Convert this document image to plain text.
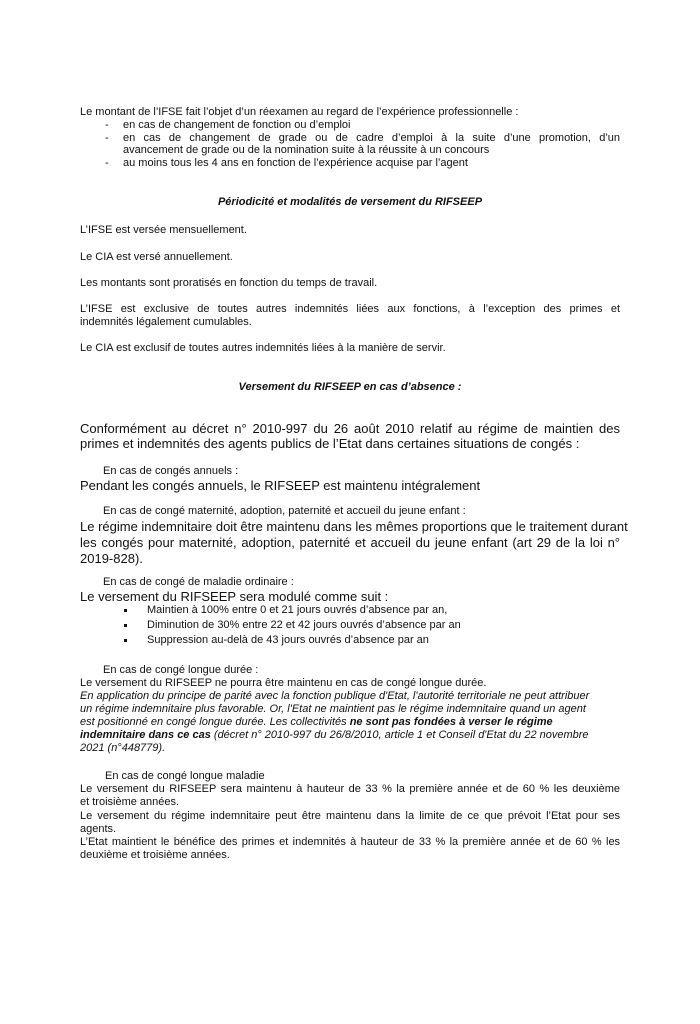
Le montant de l’IFSE fait l’objet d’un réexamen au regard de l’expérience professionnelle :
- en cas de changement de fonction ou d’emploi
- en cas de changement de grade ou de cadre d’emploi à la suite d’une promotion, d’un
avancement de grade ou de la nomination suite à la réussite à un concours
- au moins tous les 4 ans en fonction de l’expérience acquise par l’agent
Périodicité et modalités de versement du RIFSEEP
L’IFSE est versée mensuellement.
Le CIA est versé annuellement.
Les montants sont proratisés en fonction du temps de travail.
L’IFSE est exclusive de toutes autres indemnités liées aux fonctions, à l’exception des primes et
indemnités légalement cumulables.
Le CIA est exclusif de toutes autres indemnités liées à la manière de servir.
Versement du RIFSEEP en cas d’absence :
Conformément au décret n° 2010-997 du 26 août 2010 relatif au régime de maintien des
primes et indemnités des agents publics de l’Etat dans certaines situations de congés :
En cas de congés annuels :
Pendant les congés annuels, le RIFSEEP est maintenu intégralement
En cas de congé maternité, adoption, paternité et accueil du jeune enfant :
Le régime indemnitaire doit être maintenu dans les mêmes proportions que le traitement durant
les congés pour maternité, adoption, paternité et accueil du jeune enfant (art 29 de la loi n°
2019-828).
En cas de congé de maladie ordinaire :
Le versement du RIFSEEP sera modulé comme suit :
Maintien à 100% entre 0 et 21 jours ouvrés d’absence par an,
Diminution de 30% entre 22 et 42 jours ouvrés d’absence par an
Suppression au-delà de 43 jours ouvrés d’absence par an
En cas de congé longue durée :
Le versement du RIFSEEP ne pourra être maintenu en cas de congé longue durée.
En application du principe de parité avec la fonction publique d'Etat, l'autorité territoriale ne peut attribuer
un régime indemnitaire plus favorable. Or, l'Etat ne maintient pas le régime indemnitaire quand un agent
est positionné en congé longue durée. Les collectivités ne sont pas fondées à verser le régime
indemnitaire dans ce cas (décret n° 2010-997 du 26/8/2010, article 1 et Conseil d'Etat du 22 novembre
2021 (n°448779).
En cas de congé longue maladie
Le versement du RIFSEEP sera maintenu à hauteur de 33 % la première année et de 60 % les deuxième
et troisième années.
Le versement du régime indemnitaire peut être maintenu dans la limite de ce que prévoit l’Etat pour ses
agents.
L’Etat maintient le bénéfice des primes et indemnités à hauteur de 33 % la première année et de 60 % les
deuxième et troisième années.
